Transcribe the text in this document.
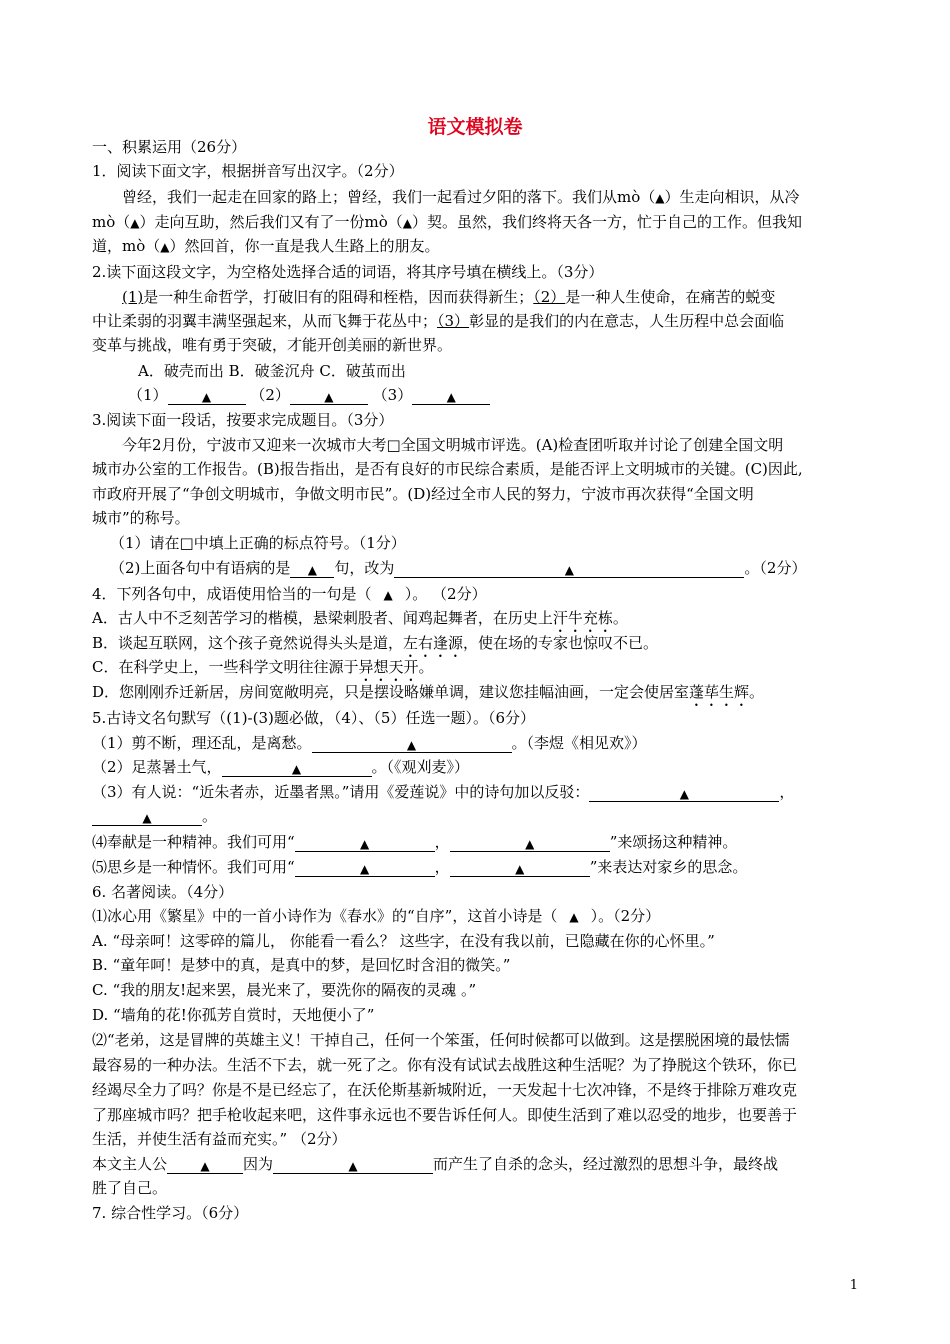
语文模拟卷
一、积累运用（26分）
1．阅读下面文字，根据拼音写出汉字。（2分）
曾经，我们一起走在回家的路上；曾经，我们一起看过夕阳的落下。我们从mò（▲）生走向相识，从冷
mò（▲）走向互助，然后我们又有了一份mò（▲）契。虽然，我们终将天各一方，忙于自己的工作。但我知
道，mò（▲）然回首，你一直是我人生路上的朋友。
2.读下面这段文字，为空格处选择合适的词语，将其序号填在横线上。（3分）
(1)是一种生命哲学，打破旧有的阻碍和桎梏，因而获得新生；（2）是一种人生使命，在痛苦的蜕变
中让柔弱的羽翼丰满坚强起来，从而飞舞于花丛中；（3）彰显的是我们的内在意志，人生历程中总会面临
变革与挑战，唯有勇于突破，才能开创美丽的新世界。
A．破壳而出 B．破釜沉舟 C．破茧而出
（1）	▲	（2）	▲	（3）	▲
3.阅读下面一段话，按要求完成题目。（3分）
今年2月份，宁波市又迎来一次城市大考□全国文明城市评选。(A)检查团听取并讨论了创建全国文明
城市办公室的工作报告。(B)报告指出，是否有良好的市民综合素质，是能否评上文明城市的关键。(C)因此,
市政府开展了“争创文明城市，争做文明市民”。(D)经过全市人民的努力，宁波市再次获得“全国文明
城市”的称号。
（1）请在□中填上正确的标点符号。（1分）
（2)上面各句中有语病的是 ▲ 句，改为	▲	。（2分）
4．下列各句中，成语使用恰当的一句是（ ▲ ）。 （2分）
A．古人中不乏刻苦学习的楷模，悬梁刺股者、闻鸡起舞者，在历史上汗牛充栋。
B．谈起互联网，这个孩子竟然说得头头是道，左右逢源，使在场的专家也惊叹不已。
C．在科学史上，一些科学文明往往源于异想天开。
D．您刚刚乔迁新居，房间宽敞明亮，只是摆设略嫌单调，建议您挂幅油画，一定会使居室蓬荜生辉。
5.古诗文名句默写（(1)-(3)题必做，（4）、（5）任选一题）。（6分）
（1）剪不断，理还乱，是离愁。	▲	。（李煜《相见欢》）
（2）足蒸暑土气，	▲	。（《观刈麦》）
（3）有人说：“近朱者赤，近墨者黑。”请用《爱莲说》中的诗句加以反驳：	▲	，
▲	。
⑷奉献是一种精神。我们可用“	▲	，	▲	”来颂扬这种精神。
⑸思乡是一种情怀。我们可用“	▲	，	▲	”来表达对家乡的思念。
6. 名著阅读。（4分）
⑴冰心用《繁星》中的一首小诗作为《春水》的“自序”，这首小诗是（ ▲ ）。（2分）
A. “母亲呵！这零碎的篇儿， 你能看一看么？ 这些字，在没有我以前，已隐藏在你的心怀里。”
B. “童年呵！是梦中的真，是真中的梦，是回忆时含泪的微笑。”
C. “我的朋友!起来罢，晨光来了，要洗你的隔夜的灵魂 。”
D. “墙角的花!你孤芳自赏时，天地便小了”
⑵“老弟，这是冒牌的英雄主义！干掉自己，任何一个笨蛋，任何时候都可以做到。这是摆脱困境的最怯懦
最容易的一种办法。生活不下去，就一死了之。你有没有试试去战胜这种生活呢？为了挣脱这个铁环，你已
经竭尽全力了吗？你是不是已经忘了，在沃伦斯基新城附近，一天发起十七次冲锋，不是终于排除万难攻克
了那座城市吗？把手枪收起来吧，这件事永远也不要告诉任何人。即使生活到了难以忍受的地步，也要善于
生活，并使生活有益而充实。” （2分）
本文主人公	▲ 因为	▲	而产生了自杀的念头，经过激烈的思想斗争，最终战
胜了自己。
7. 综合性学习。（6分）
1
